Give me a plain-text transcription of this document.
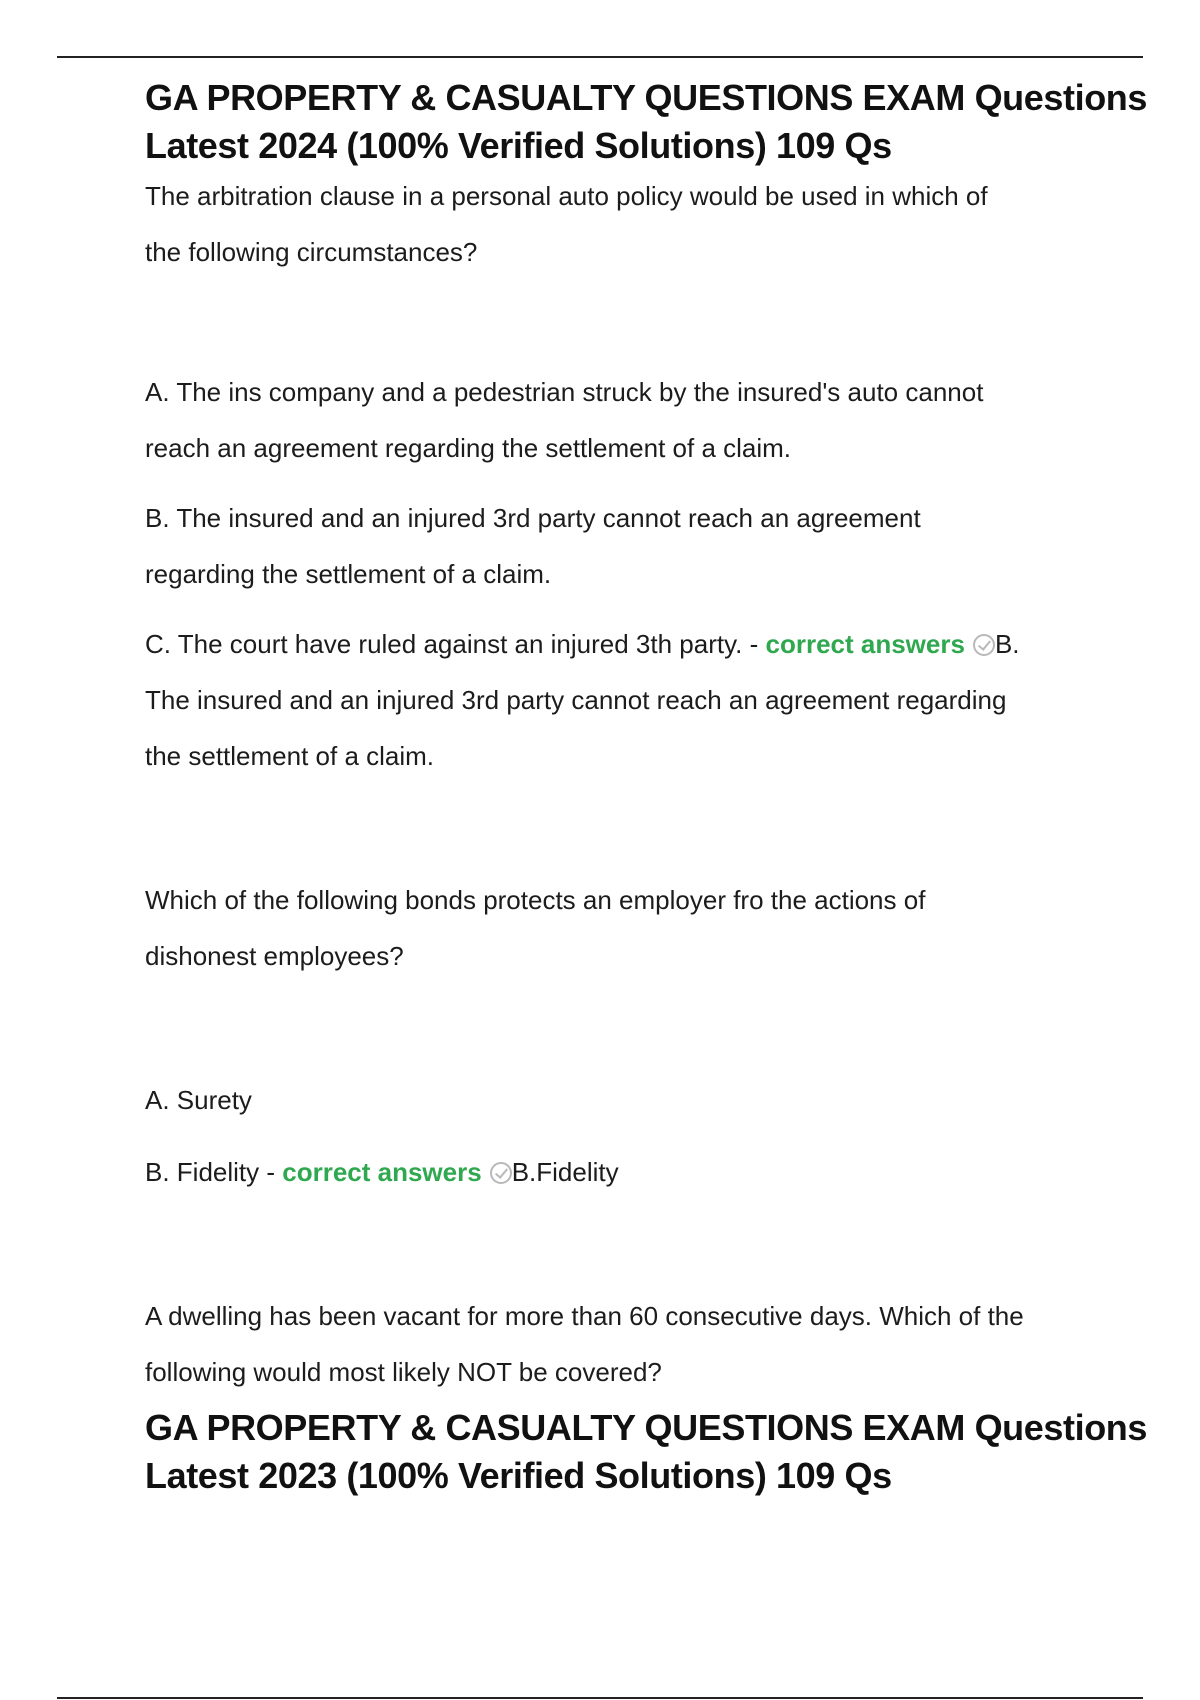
GA PROPERTY & CASUALTY QUESTIONS EXAM Questions
Latest 2024 (100% Verified Solutions) 109 Qs

The arbitration clause in a personal auto policy would be used in which of
the following circumstances?

A. The ins company and a pedestrian struck by the insured's auto cannot
reach an agreement regarding the settlement of a claim.

B. The insured and an injured 3rd party cannot reach an agreement
regarding the settlement of a claim.

C. The court have ruled against an injured 3th party. - correct answers B.
The insured and an injured 3rd party cannot reach an agreement regarding
the settlement of a claim.

Which of the following bonds protects an employer fro the actions of
dishonest employees?

A. Surety

B. Fidelity - correct answers B.Fidelity

A dwelling has been vacant for more than 60 consecutive days. Which of the
following would most likely NOT be covered?

GA PROPERTY & CASUALTY QUESTIONS EXAM Questions
Latest 2023 (100% Verified Solutions) 109 Qs
